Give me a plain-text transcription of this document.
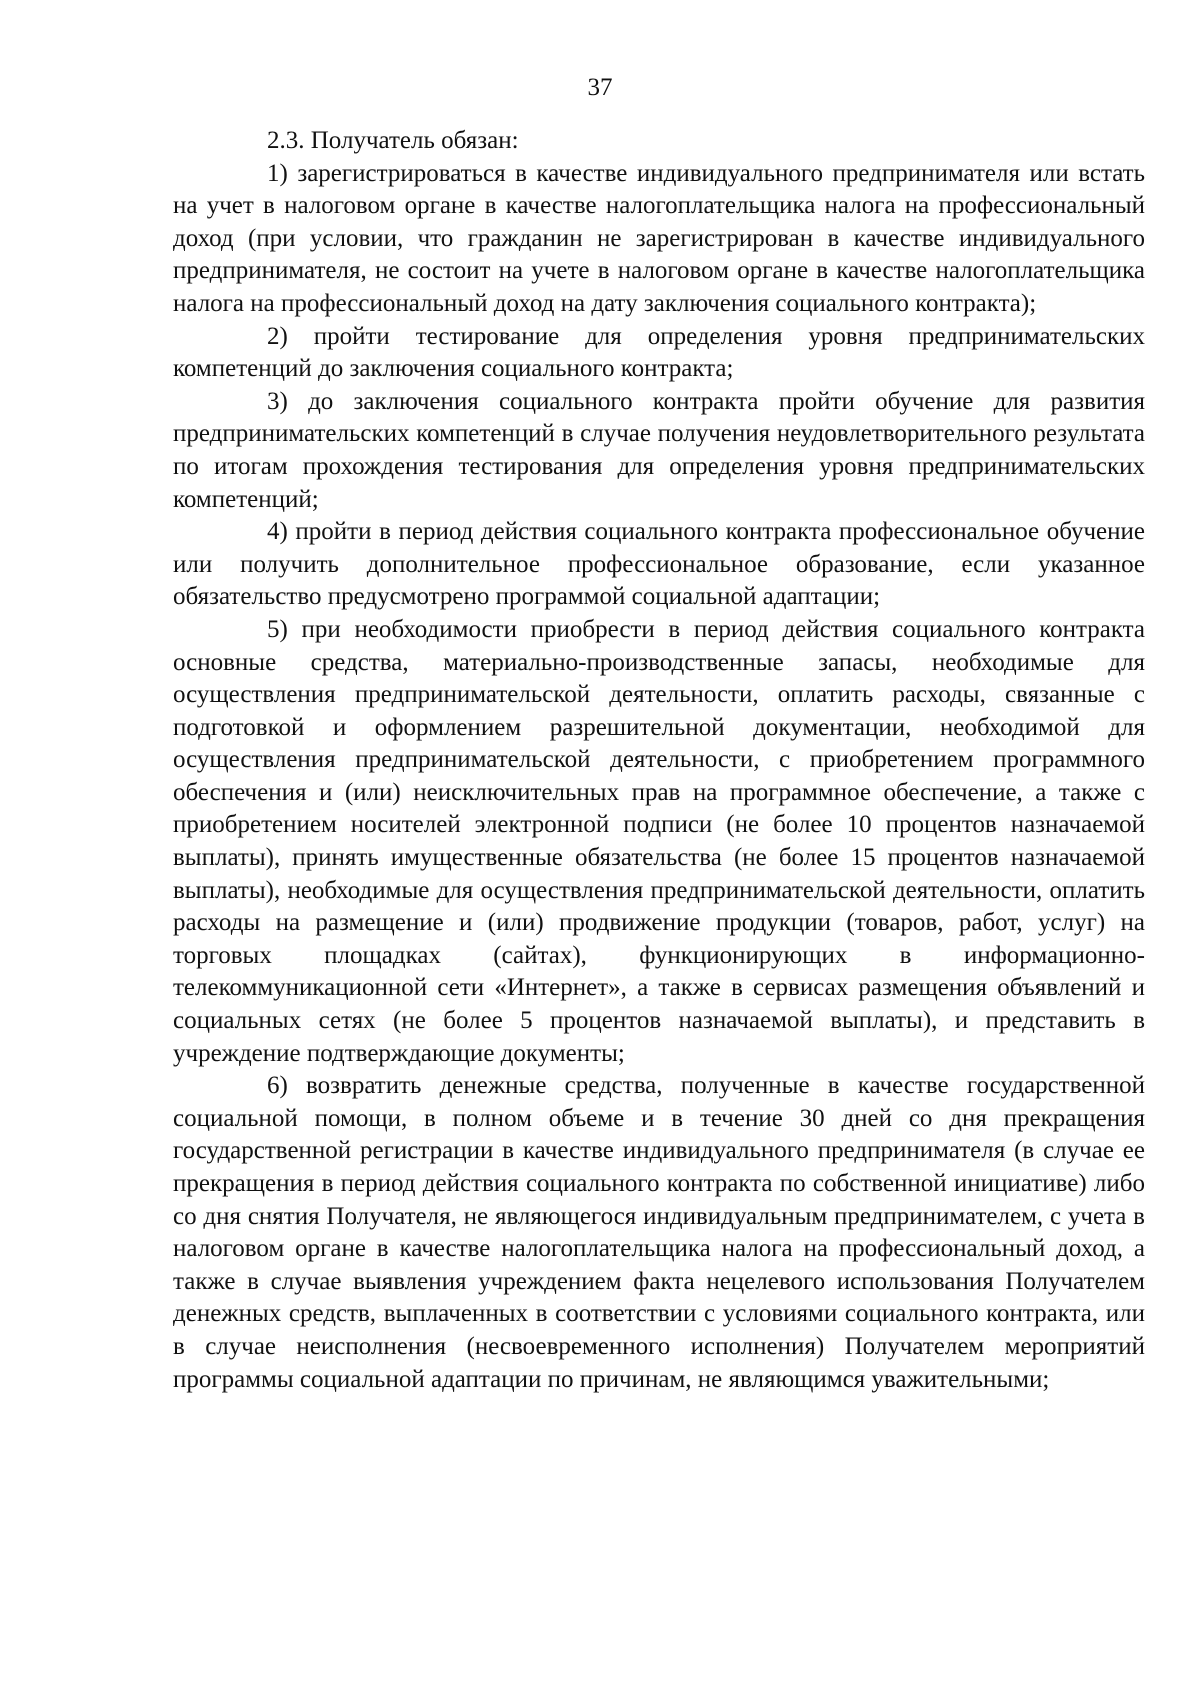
37

2.3. Получатель обязан:

1) зарегистрироваться в качестве индивидуального предпринимателя или встать на учет в налоговом органе в качестве налогоплательщика налога на профессиональный доход (при условии, что гражданин не зарегистрирован в качестве индивидуального предпринимателя, не состоит на учете в налоговом органе в качестве налогоплательщика налога на профессиональный доход на дату заключения социального контракта);

2) пройти тестирование для определения уровня предпринимательских компетенций до заключения социального контракта;

3) до заключения социального контракта пройти обучение для развития предпринимательских компетенций в случае получения неудовлетворительного результата по итогам прохождения тестирования для определения уровня предпринимательских компетенций;

4) пройти в период действия социального контракта профессиональное обучение или получить дополнительное профессиональное образование, если указанное обязательство предусмотрено программой социальной адаптации;

5) при необходимости приобрести в период действия социального контракта основные средства, материально-производственные запасы, необходимые для осуществления предпринимательской деятельности, оплатить расходы, связанные с подготовкой и оформлением разрешительной документации, необходимой для осуществления предпринимательской деятельности, с приобретением программного обеспечения и (или) неисключительных прав на программное обеспечение, а также с приобретением носителей электронной подписи (не более 10 процентов назначаемой выплаты), принять имущественные обязательства (не более 15 процентов назначаемой выплаты), необходимые для осуществления предпринимательской деятельности, оплатить расходы на размещение и (или) продвижение продукции (товаров, работ, услуг) на торговых площадках (сайтах), функционирующих в информационно-телекоммуникационной сети «Интернет», а также в сервисах размещения объявлений и социальных сетях (не более 5 процентов назначаемой выплаты), и представить в учреждение подтверждающие документы;

6) возвратить денежные средства, полученные в качестве государственной социальной помощи, в полном объеме и в течение 30 дней со дня прекращения государственной регистрации в качестве индивидуального предпринимателя (в случае ее прекращения в период действия социального контракта по собственной инициативе) либо со дня снятия Получателя, не являющегося индивидуальным предпринимателем, с учета в налоговом органе в качестве налогоплательщика налога на профессиональный доход, а также в случае выявления учреждением факта нецелевого использования Получателем денежных средств, выплаченных в соответствии с условиями социального контракта, или в случае неисполнения (несвоевременного исполнения) Получателем мероприятий программы социальной адаптации по причинам, не являющимся уважительными;
